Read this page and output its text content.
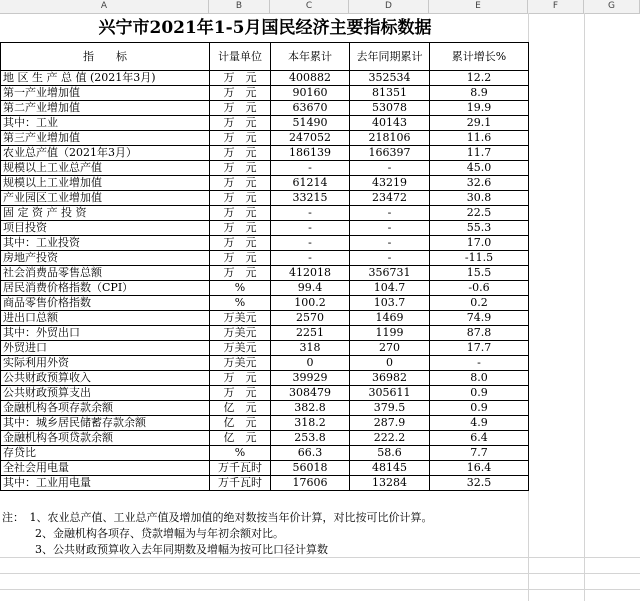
A	B	C	D	E	F	G
兴宁市2021年1-5月国民经济主要指标数据
指　　标	计量单位	本年累计	去年同期累计	累计增长%
地 区 生 产 总 值 (2021年3月)	万　元	400882	352534	12.2
第一产业增加值	万　元	90160	81351	8.9
第二产业增加值	万　元	63670	53078	19.9
其中：工业	万　元	51490	40143	29.1
第三产业增加值	万　元	247052	218106	11.6
农业总产值（2021年3月）	万　元	186139	166397	11.7
规模以上工业总产值	万　元	-	-	45.0
规模以上工业增加值	万　元	61214	43219	32.6
产业园区工业增加值	万　元	33215	23472	30.8
固 定 资 产 投 资	万　元	-	-	22.5
项目投资	万　元	-	-	55.3
其中：工业投资	万　元	-	-	17.0
房地产投资	万　元	-	-	-11.5
社会消费品零售总额	万　元	412018	356731	15.5
居民消费价格指数（CPI）	%	99.4	104.7	-0.6
商品零售价格指数	%	100.2	103.7	0.2
进出口总额	万美元	2570	1469	74.9
其中：外贸出口	万美元	2251	1199	87.8
外贸进口	万美元	318	270	17.7
实际利用外资	万美元	0	0	-
公共财政预算收入	万　元	39929	36982	8.0
公共财政预算支出	万　元	308479	305611	0.9
金融机构各项存款余额	亿　元	382.8	379.5	0.9
其中：城乡居民储蓄存款余额	亿　元	318.2	287.9	4.9
金融机构各项贷款余额	亿　元	253.8	222.2	6.4
存贷比	%	66.3	58.6	7.7
全社会用电量	万千瓦时	56018	48145	16.4
其中：工业用电量	万千瓦时	17606	13284	32.5
注：　1、农业总产值、工业总产值及增加值的绝对数按当年价计算，对比按可比价计算。
　　　2、金融机构各项存、贷款增幅为与年初余额对比。
　　　3、公共财政预算收入去年同期数及增幅为按可比口径计算数
